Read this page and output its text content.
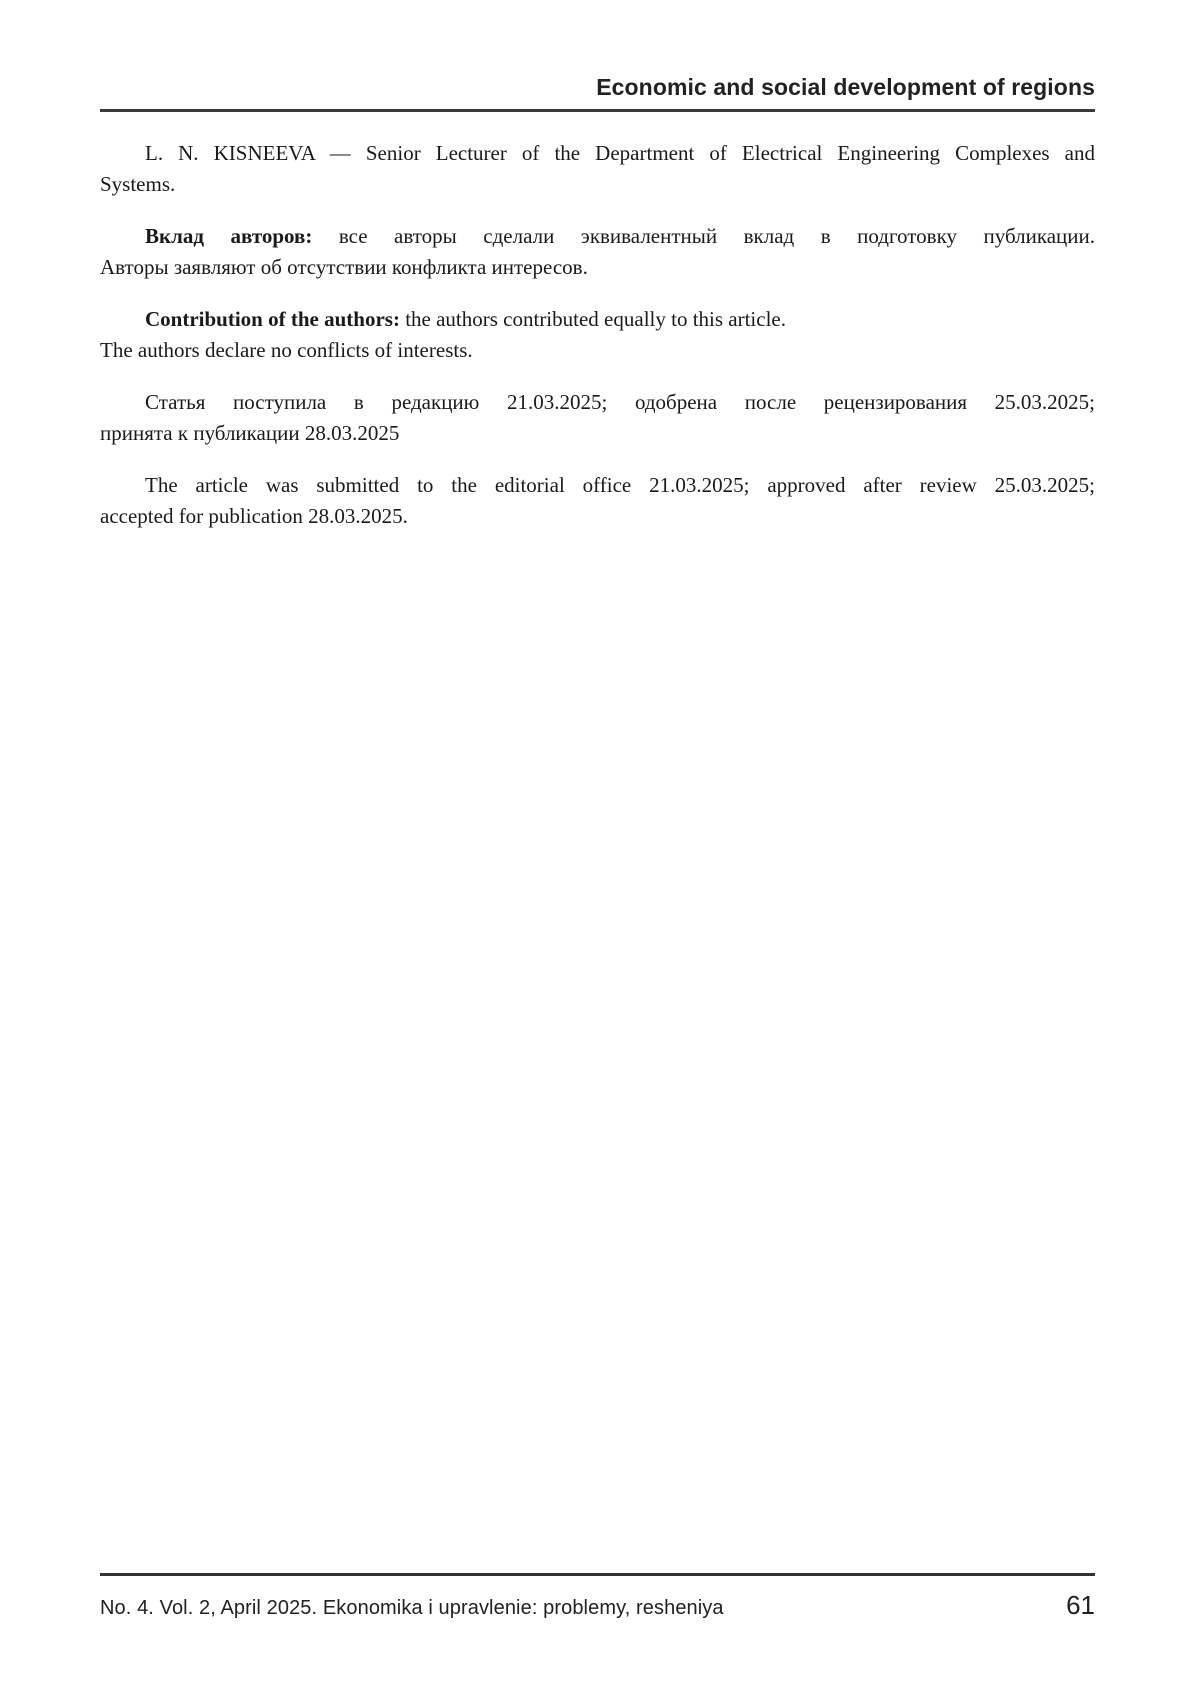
Economic and social development of regions
L. N. KISNEEVA — Senior Lecturer of the Department of Electrical Engineering Complexes and
Systems.
Вклад авторов: все авторы сделали эквивалентный вклад в подготовку публикации.
Авторы заявляют об отсутствии конфликта интересов.
Contribution of the authors: the authors contributed equally to this article.
The authors declare no conflicts of interests.
Статья поступила в редакцию 21.03.2025; одобрена после рецензирования 25.03.2025;
принята к публикации 28.03.2025
The article was submitted to the editorial office 21.03.2025; approved after review 25.03.2025;
accepted for publication 28.03.2025.
No. 4. Vol. 2, April 2025. Ekonomika i upravlenie: problemy, resheniya	61
